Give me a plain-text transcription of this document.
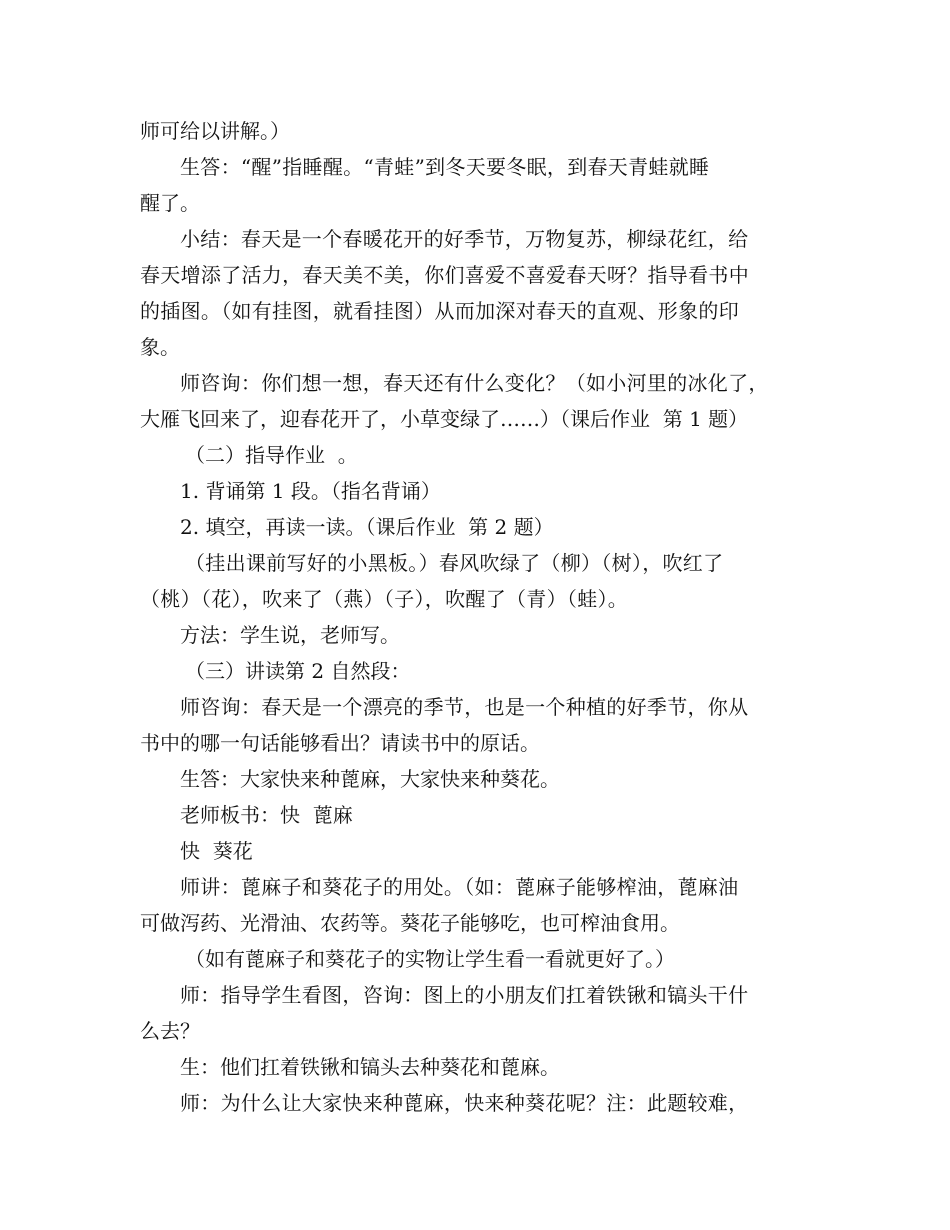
师可给以讲解。）
生答：“醒”指睡醒。“青蛙”到冬天要冬眠，到春天青蛙就睡
醒了。
小结：春天是一个春暖花开的好季节，万物复苏，柳绿花红，给
春天增添了活力，春天美不美，你们喜爱不喜爱春天呀？指导看书中
的插图。（如有挂图，就看挂图）从而加深对春天的直观、形象的印
象。
师咨询：你们想一想，春天还有什么变化？（如小河里的冰化了，
大雁飞回来了，迎春花开了，小草变绿了……）（课后作业  第 1 题）
（二）指导作业  。
1. 背诵第 1 段。（指名背诵）
2. 填空，再读一读。（课后作业  第 2 题）
（挂出课前写好的小黑板。）春风吹绿了（柳）（树），吹红了
（桃）（花），吹来了（燕）（子），吹醒了（青）（蛙）。
方法：学生说，老师写。
（三）讲读第 2 自然段：
师咨询：春天是一个漂亮的季节，也是一个种植的好季节，你从
书中的哪一句话能够看出？请读书中的原话。
生答：大家快来种蓖麻，大家快来种葵花。
老师板书：快  蓖麻
快  葵花
师讲：蓖麻子和葵花子的用处。（如：蓖麻子能够榨油，蓖麻油
可做泻药、光滑油、农药等。葵花子能够吃，也可榨油食用。
（如有蓖麻子和葵花子的实物让学生看一看就更好了。）
师：指导学生看图，咨询：图上的小朋友们扛着铁锹和镐头干什
么去？
生：他们扛着铁锹和镐头去种葵花和蓖麻。
师：为什么让大家快来种蓖麻，快来种葵花呢？注：此题较难，
